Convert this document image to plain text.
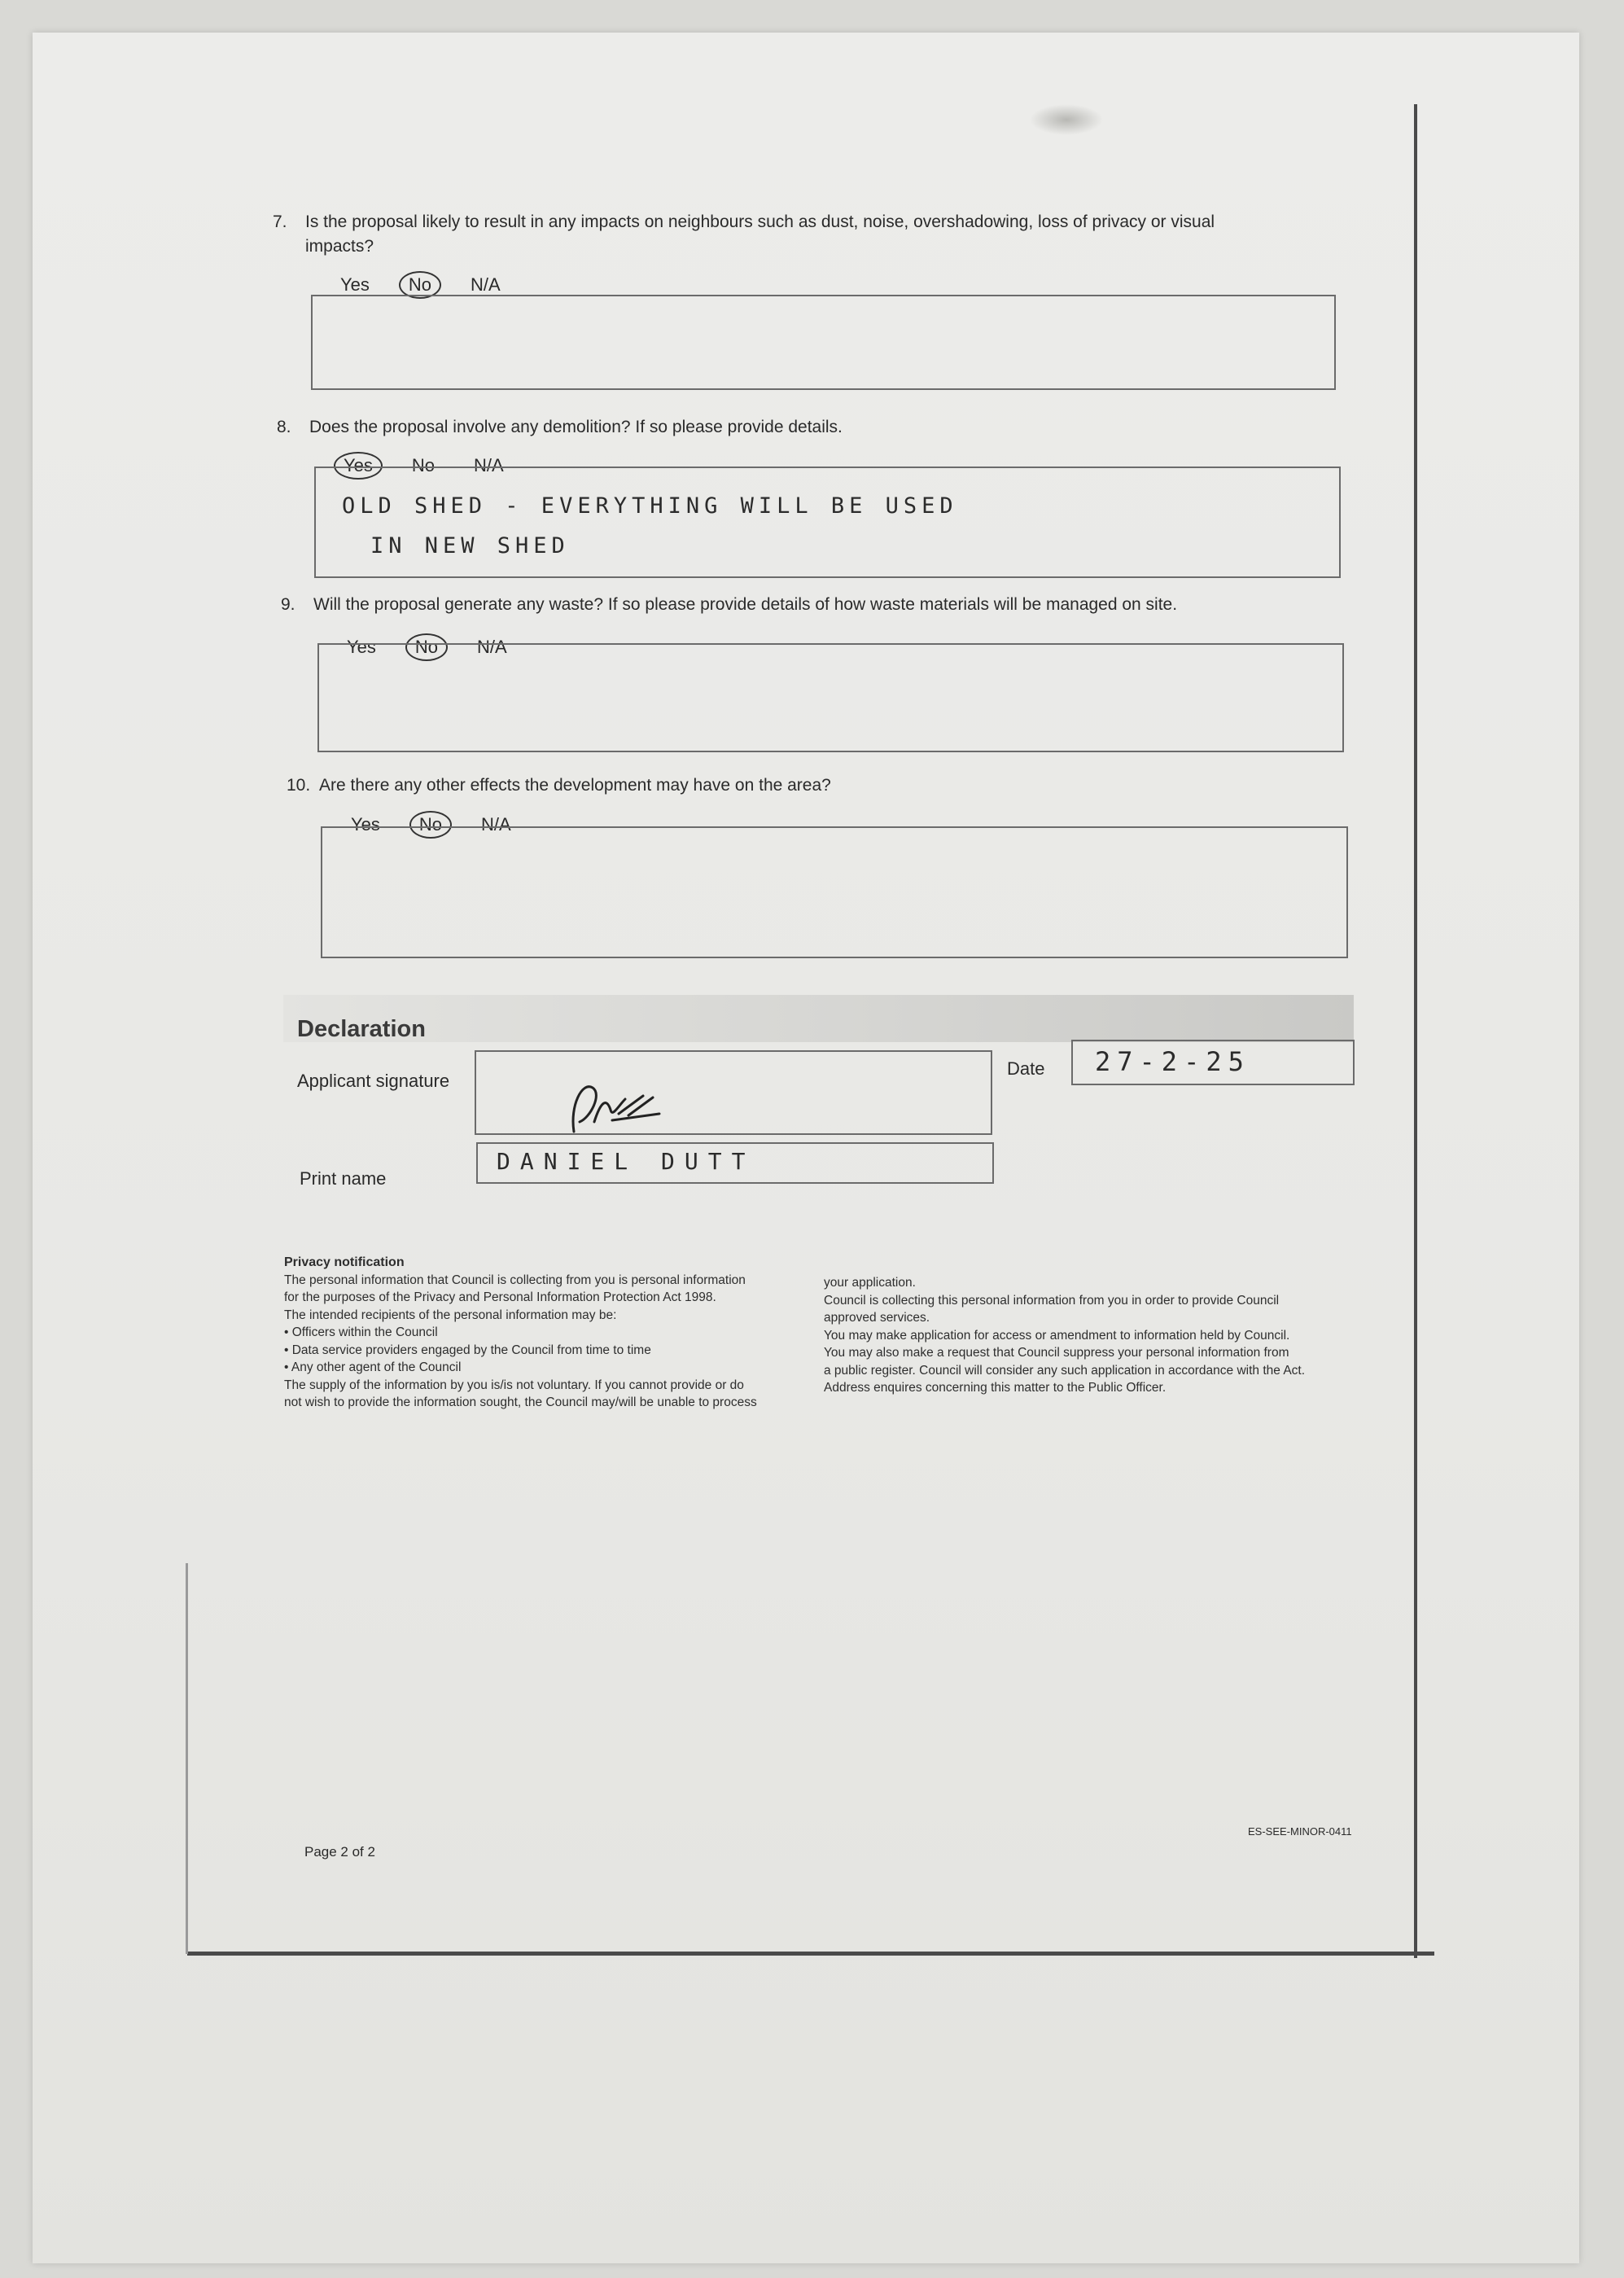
7. Is the proposal likely to result in any impacts on neighbours such as dust, noise, overshadowing, loss of privacy or visual
impacts?
Yes No N/A
8. Does the proposal involve any demolition? If so please provide details.
Yes No N/A
OLD SHED - EVERYTHING WILL BE USED
IN NEW SHED
9. Will the proposal generate any waste? If so please provide details of how waste materials will be managed on site.
Yes No N/A
10. Are there any other effects the development may have on the area?
Yes No N/A
Declaration
Applicant signature
Date 27-2-25
Print name
DANIEL DUTT
Privacy notification
The personal information that Council is collecting from you is personal information
for the purposes of the Privacy and Personal Information Protection Act 1998.
The intended recipients of the personal information may be:
• Officers within the Council
• Data service providers engaged by the Council from time to time
• Any other agent of the Council
The supply of the information by you is/is not voluntary. If you cannot provide or do
not wish to provide the information sought, the Council may/will be unable to process
your application.
Council is collecting this personal information from you in order to provide Council
approved services.
You may make application for access or amendment to information held by Council.
You may also make a request that Council suppress your personal information from
a public register. Council will consider any such application in accordance with the Act.
Address enquires concerning this matter to the Public Officer.
Page 2 of 2
ES-SEE-MINOR-0411
